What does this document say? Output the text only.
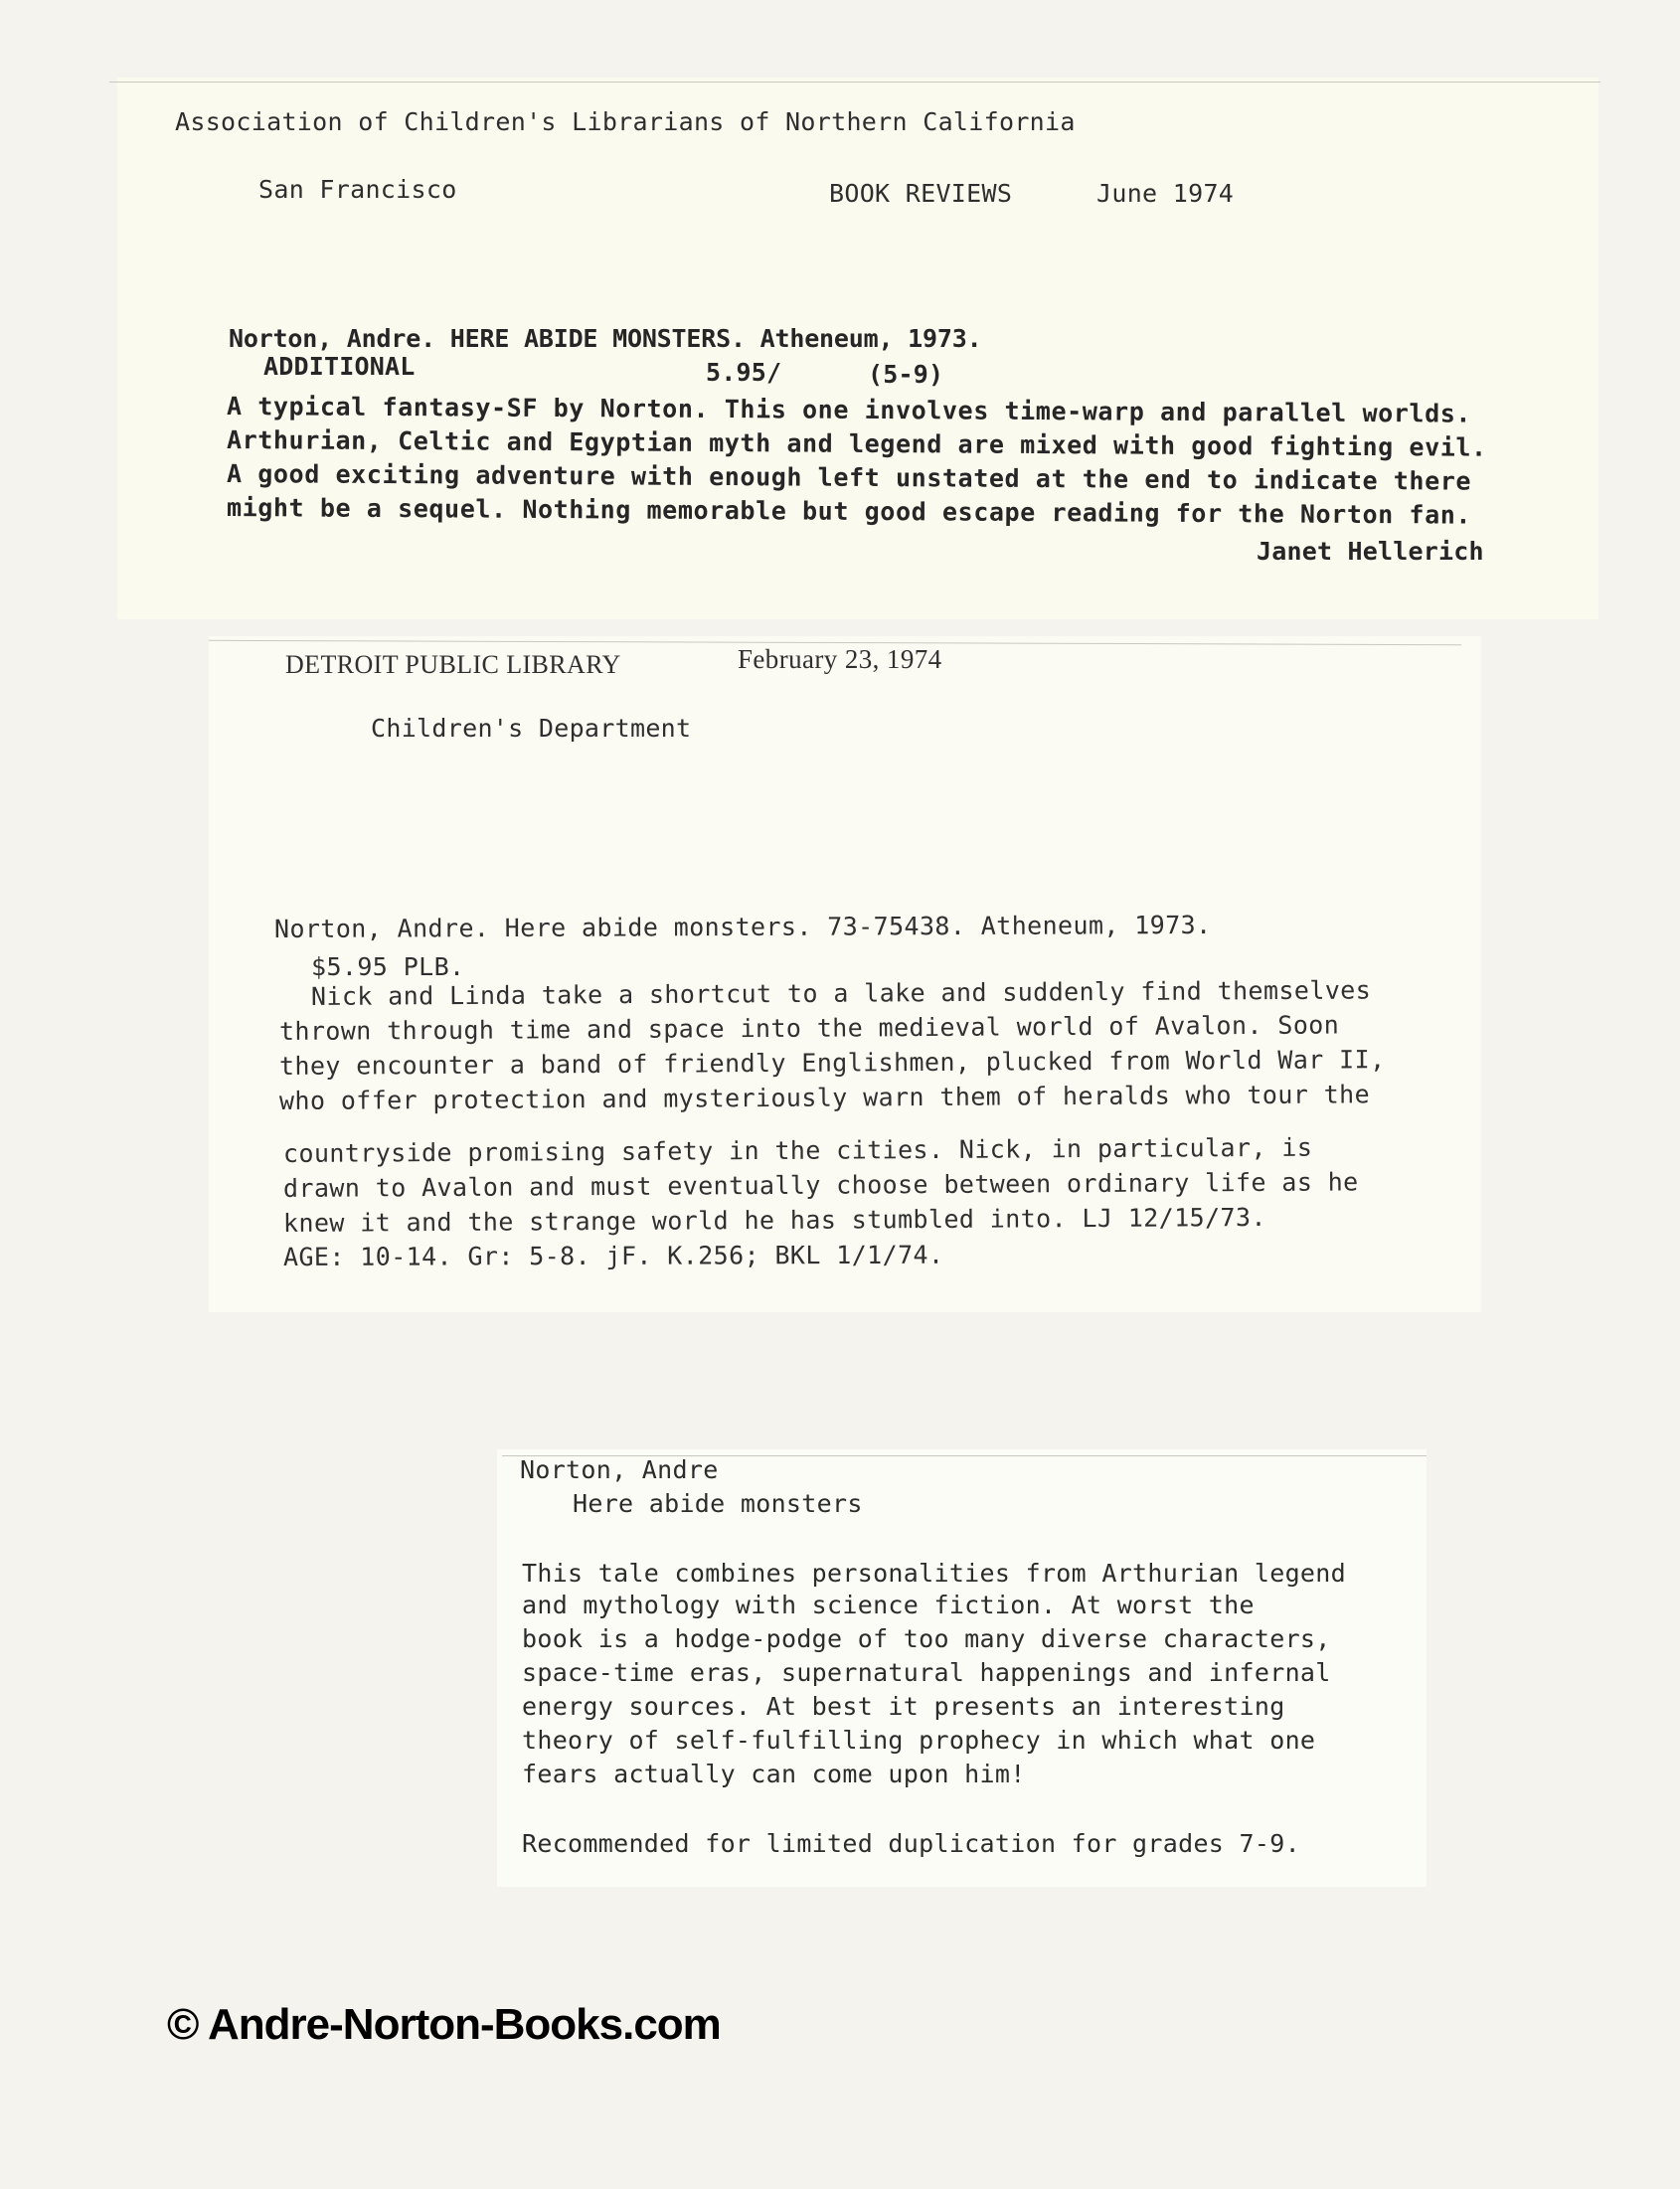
Association of Children's Librarians of Northern California
San Francisco	BOOK REVIEWS	June 1974
Norton, Andre. HERE ABIDE MONSTERS. Atheneum, 1973.
ADDITIONAL	5.95/	(5-9)
A typical fantasy-SF by Norton. This one involves time-warp and parallel worlds.
Arthurian, Celtic and Egyptian myth and legend are mixed with good fighting evil.
A good exciting adventure with enough left unstated at the end to indicate there
might be a sequel. Nothing memorable but good escape reading for the Norton fan.
Janet Hellerich
DETROIT PUBLIC LIBRARY	February 23, 1974
Children's Department
Norton, Andre. Here abide monsters. 73-75438. Atheneum, 1973.
$5.95 PLB.
Nick and Linda take a shortcut to a lake and suddenly find themselves
thrown through time and space into the medieval world of Avalon. Soon
they encounter a band of friendly Englishmen, plucked from World War II,
who offer protection and mysteriously warn them of heralds who tour the
countryside promising safety in the cities. Nick, in particular, is
drawn to Avalon and must eventually choose between ordinary life as he
knew it and the strange world he has stumbled into. LJ 12/15/73.
AGE: 10-14. Gr: 5-8. jF. K.256; BKL 1/1/74.
Norton, Andre
Here abide monsters
This tale combines personalities from Arthurian legend
and mythology with science fiction. At worst the
book is a hodge-podge of too many diverse characters,
space-time eras, supernatural happenings and infernal
energy sources. At best it presents an interesting
theory of self-fulfilling prophecy in which what one
fears actually can come upon him!
Recommended for limited duplication for grades 7-9.
© Andre-Norton-Books.com
